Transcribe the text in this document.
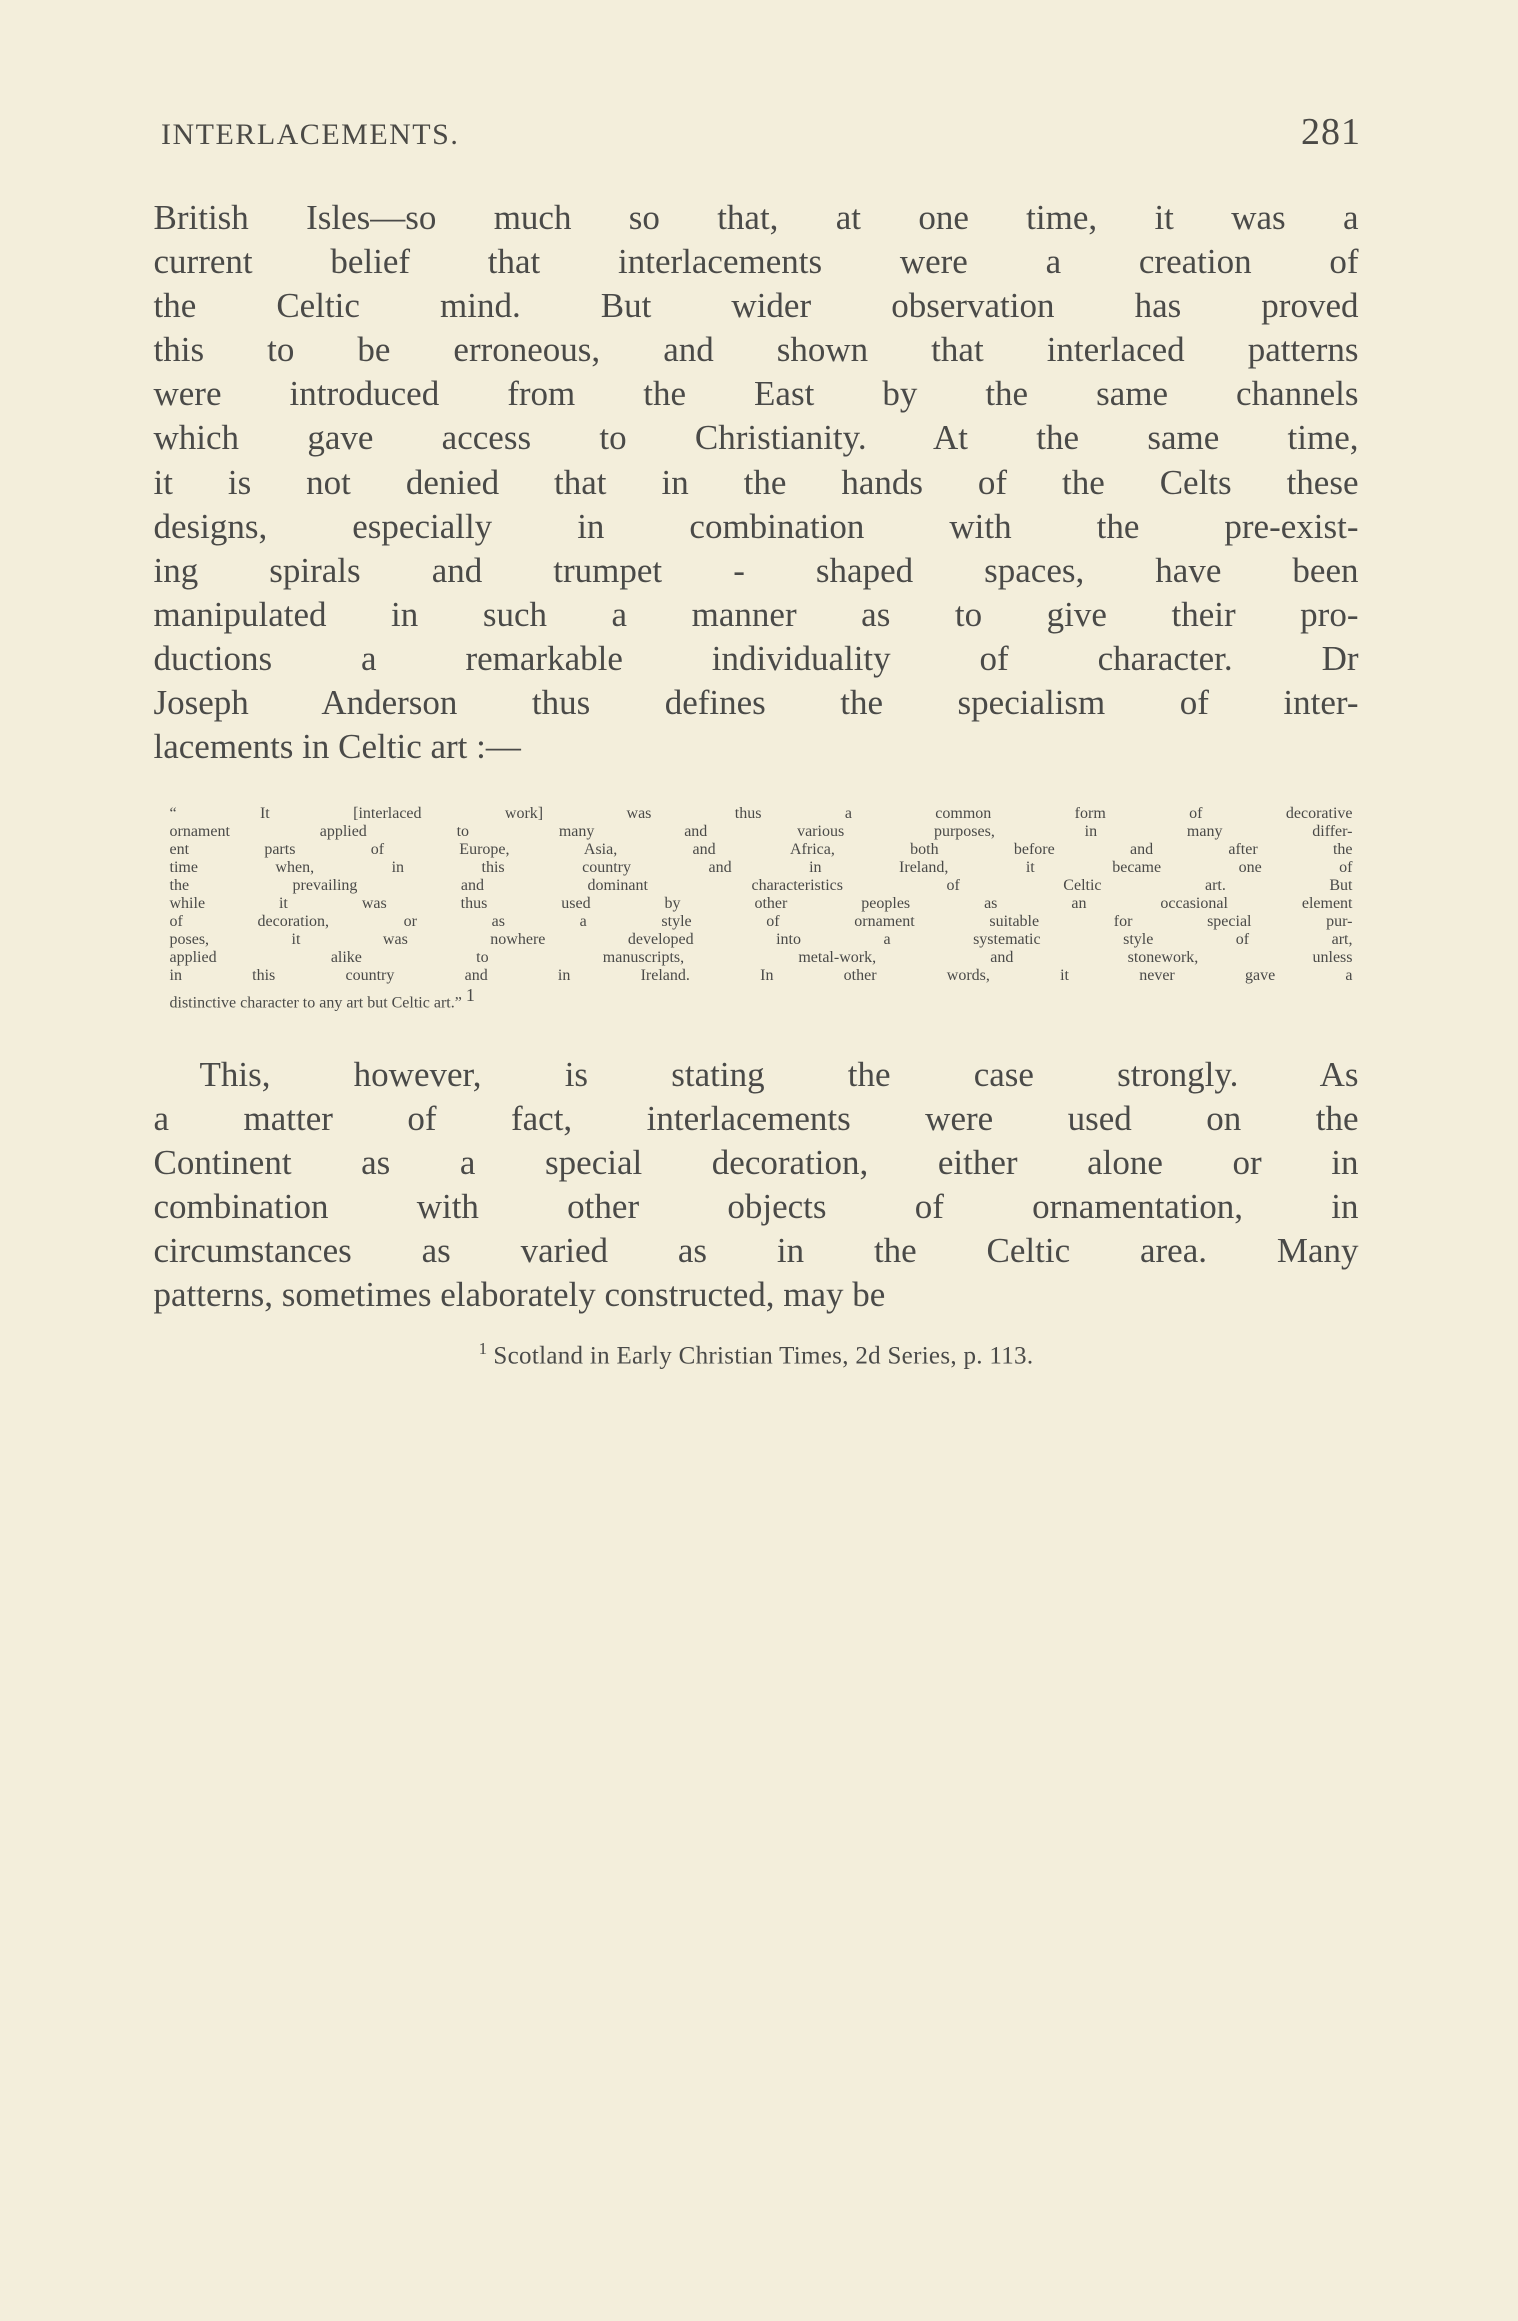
INTERLACEMENTS.	281
British Isles—so much so that, at one time, it was a
current belief that interlacements were a creation of
the Celtic mind. But wider observation has proved
this to be erroneous, and shown that interlaced patterns
were introduced from the East by the same channels
which gave access to Christianity. At the same time,
it is not denied that in the hands of the Celts these
designs, especially in combination with the pre-exist-
ing spirals and trumpet - shaped spaces, have been
manipulated in such a manner as to give their pro-
ductions a remarkable individuality of character. Dr
Joseph Anderson thus defines the specialism of inter-
lacements in Celtic art :—
“ It [interlaced work] was thus a common form of decorative
ornament applied to many and various purposes, in many differ-
ent parts of Europe, Asia, and Africa, both before and after the
time when, in this country and in Ireland, it became one of
the prevailing and dominant characteristics of Celtic art. But
while it was thus used by other peoples as an occasional element
of decoration, or as a style of ornament suitable for special pur-
poses, it was nowhere developed into a systematic style of art,
applied alike to manuscripts, metal-work, and stonework, unless
in this country and in Ireland. In other words, it never gave a
distinctive character to any art but Celtic art.” $^1$
This, however, is stating the case strongly. As
a matter of fact, interlacements were used on the
Continent as a special decoration, either alone or in
combination with other objects of ornamentation, in
circumstances as varied as in the Celtic area. Many
patterns, sometimes elaborately constructed, may be
$^1$ Scotland in Early Christian Times, 2d Series, p. 113.
